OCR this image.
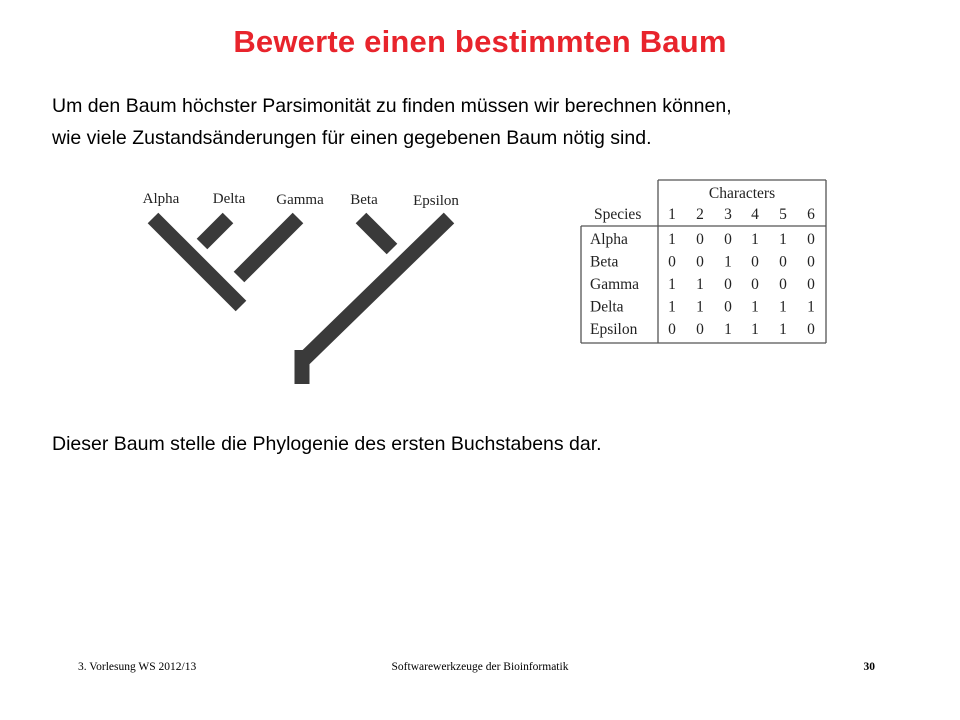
Bewerte einen bestimmten Baum
Um den Baum höchster Parsimonität zu finden müssen wir berechnen können,
wie viele Zustandsänderungen für einen gegebenen Baum nötig sind.
Alpha Delta Gamma Beta Epsilon	Characters
Species 1 2 3 4 5 6
Alpha	1 0 0 1 1 0
Beta	0 0 1 0 0 0
Gamma 1 1 0 0 0 0
Delta	1 1 0 1 1 1
Epsilon 0 0 1 1 1 0
Dieser Baum stelle die Phylogenie des ersten Buchstabens dar.
3. Vorlesung WS 2012/13	Softwarewerkzeuge der Bioinformatik	30
